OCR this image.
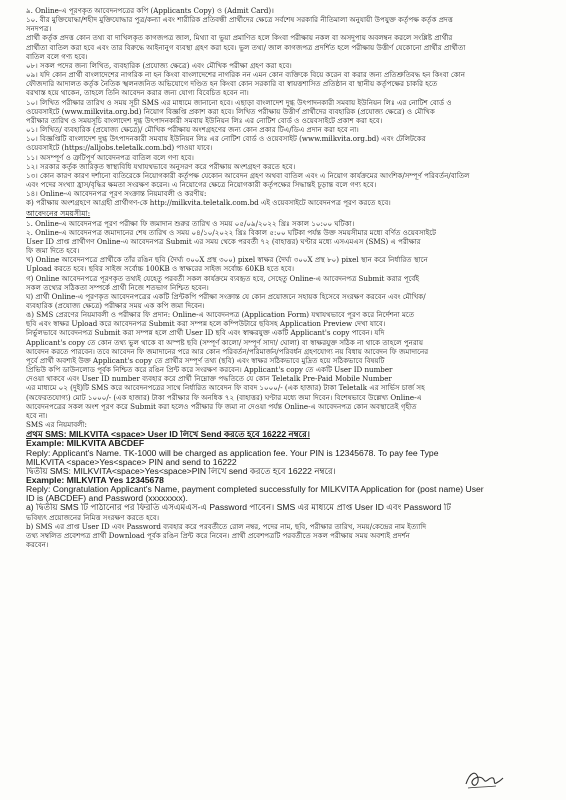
৯. Online-এ পূরণকৃত আবেদনপত্রের কপি (Applicants Copy) ও (Admit Card)।
১০. বীর মুক্তিযোদ্ধা/শহীদ মুক্তিযোদ্ধার পুত্র/কন্যা এবং শারীরিক প্রতিবন্ধী প্রার্থীদের ক্ষেত্রে সর্বশেষ সরকারি নীতিমালা অনুযায়ী উপযুক্ত কর্তৃপক্ষ কর্তৃক প্রদত্ত
সনদপত্র।
প্রার্থী কর্তৃক প্রদত্ত কোন তথ্য বা দাখিলকৃত কাগজপত্র জাল, মিথ্যা বা ভুয়া প্রমাণিত হলে কিংবা পরীক্ষায় নকল বা অসদুপায় অবলম্বন করলে সংশ্লিষ্ট প্রার্থীর
প্রার্থীতা বাতিল করা হবে এবং তার বিরুদ্ধে আইনানুগ ব্যবস্থা গ্রহণ করা হবে। ভুল তথ্য/ জাল কাগজপত্র প্রদর্শিত হলে পরীক্ষায় উত্তীর্ণ যেকোনো প্রার্থীর প্রার্থীতা
বাতিল বলে গণ্য হবে।
০৮। সকল পদের জন্য লিখিত, ব্যবহারিক (প্রযোজ্য ক্ষেত্রে) এবং মৌখিক পরীক্ষা গ্রহণ করা হবে।
০৯। যদি কোন প্রার্থী বাংলাদেশের নাগরিক না হন কিংবা বাংলাদেশের নাগরিক নন এমন কোন ব্যক্তিকে বিয়ে করেন বা করার জন্য প্রতিশ্রুতিবদ্ধ হন কিংবা কোন
ফৌজদারি আদালত কর্তৃক নৈতিক স্খলনজনিত অভিযোগে দণ্ডিত হন কিংবা কোন সরকারি বা স্বায়ত্তশাসিত প্রতিষ্ঠান বা স্থানীয় কর্তৃপক্ষের চাকরি হতে
বরখাস্ত হয়ে থাকেন, তাহলে তিনি আবেদন করার জন্য যোগ্য বিবেচিত হবেন না।
১০। লিখিত পরীক্ষার তারিখ ও সময় সূচী SMS এর মাধ্যমে জানানো হবে। এছাড়া বাংলাদেশ দুগ্ধ উৎপাদনকারী সমবায় ইউনিয়ন লিঃ এর নোটিশ বোর্ড ও
ওয়েবসাইটে (www.milkvita.org.bd) নিয়োগ বিজ্ঞপ্তি প্রকাশ করা হবে। লিখিত পরীক্ষায় উত্তীর্ণ প্রার্থীদের ব্যবহারিক (প্রযোজ্য ক্ষেত্রে) ও মৌখিক
পরীক্ষার তারিখ ও সময়সূচি বাংলাদেশ দুগ্ধ উৎপাদনকারী সমবায় ইউনিয়ন লিঃ এর নোটিশ বোর্ড ও ওয়েবসাইটে প্রকাশ করা হবে।
০১। লিখিত/ ব্যবহারিক (প্রযোজ্য ক্ষেত্রে)/ মৌখিক পরীক্ষায় অংশগ্রহণের জন্য কোন প্রকার টিএ/ডিএ প্রদান করা হবে না।
১০। বিজ্ঞপ্তিটি বাংলাদেশ দুগ্ধ উৎপাদনকারী সমবায় ইউনিয়ন লিঃ এর নোটিশ বোর্ড ও ওয়েবসাইট (www.milkvita.org.bd) এবং টেলিটকের
ওয়েবসাইটে (https://alljobs.teletalk.com.bd) পাওয়া যাবে।
১১। অসম্পূর্ণ ও ত্রুটিপূর্ণ আবেদনপত্র বাতিল বলে গণ্য হবে।
১২। সরকার কর্তৃক জারিকৃত স্বাস্থ্যবিধি যথাযথভাবে অনুসরণ করে পরীক্ষায় অংশগ্রহণ করতে হবে।
১৩। কোন কারণ কারণ দর্শানো ব্যতিরেকে নিয়োগকারী কর্তৃপক্ষ যেকোন আবেদন গ্রহণ অথবা বাতিল এবং এ নিয়োগ কার্যক্রমের আংশিক/সম্পূর্ণ পরিবর্তন/বাতিল
এবং পদের সংখ্যা হ্রাস/বৃদ্ধির ক্ষমতা সংরক্ষণ করেন। এ নিয়োগের ক্ষেত্রে নিয়োগকারী কর্তৃপক্ষের সিদ্ধান্তই চূড়ান্ত বলে গণ্য হবে।
১৪। Online-এ আবেদনপত্র পূরণ সংক্রান্ত নিয়মাবলী ও করণীয়:
ক) পরীক্ষায় অংশগ্রহণে আগ্রহী প্রার্থীগণ-কে http://milkvita.teletalk.com.bd এই ওয়েবসাইটে আবেদনপত্র পূরণ করতে হবে।
আবেদনের সময়সীমা:
১. Online-এ আবেদনপত্র পূরণ পরীক্ষা ফি জমাদান শুরুর তারিখ ও সময় ০৫/০৯/২০২২ খ্রিঃ সকাল ১০:০০ ঘটিকা।
২. Online-এ আবেদনপত্র জমাদানের শেষ তারিখ ও সময় ০৪/১০/২০২২ খ্রিঃ বিকাল ৫:০০ ঘটিকা পর্যন্ত উক্ত সময়সীমার মধ্যে বর্ণিত ওয়েবসাইটে
User ID প্রাপ্ত প্রার্থীগণ Online-এ আবেদনপত্র Submit এর সময় থেকে পরবর্তী ৭২ (বাহাত্তর) ঘণ্টার মধ্যে এসএমএস (SMS) এ পরীক্ষার
ফি জমা দিতে হবে।
খ) Online আবেদনপত্রে প্রার্থীকে তাঁর রঙিন ছবি (দৈর্ঘ্য ৩০০X প্রস্থ ৩০০) pixel স্বাক্ষর (দৈর্ঘ্য ৩০০X প্রস্থ ৮০) pixel স্থান করে নির্ধারিত স্থানে
Upload করতে হবে। ছবির সাইজ সর্বোচ্চ 100KB ও স্বাক্ষরের সাইজ সর্বোচ্চ 60KB হতে হবে।
গ) Online আবেদনপত্রে পূরণকৃত তথ্যই যেহেতু পরবর্তী সকল কার্যক্রমে ব্যবহৃত হবে, সেহেতু Online-এ আবেদনপত্র Submit করার পূর্বেই
সকল তথ্যের সঠিকতা সম্পর্কে প্রার্থী নিজে শতভাগ নিশ্চিত হবেন।
ঘ) প্রার্থী Online-এ পূরণকৃত আবেদনপত্রের একটি প্রিন্টকপি পরীক্ষা সংক্রান্ত যে কোন প্রয়োজনে সহায়ক হিসেবে সংরক্ষণ করবেন এবং মৌখিক/
ব্যবহারিক (প্রযোজ্য ক্ষেত্রে) পরীক্ষার সময় এক কপি জমা দিবেন।
ঙ) SMS প্রেরণের নিয়মাবলী ও পরীক্ষার ফি প্রদান: Online-এ আবেদনপত্র (Application Form) যথাযথভাবে পূরণ করে নির্দেশনা মতে
ছবি এবং স্বাক্ষর Upload করে আবেদনপত্র Submit করা সম্পন্ন হলে কম্পিউটারে ছবিসহ Application Preview দেখা যাবে।
নির্ভুলভাবে আবেদনপত্র Submit করা সম্পন্ন হলে প্রার্থী User ID ছবি এবং স্বাক্ষরযুক্ত একটি Applicant's copy পাবেন। যদি
Applicant's copy তে কোন তথ্য ভুল থাকে বা অস্পষ্ট ছবি (সম্পূর্ণ কালো/ সম্পূর্ণ সাদা/ ঘোলা) বা স্বাক্ষরযুক্ত সঠিক না থাকে তাহলে পুনরায়
আবেদন করতে পারবেন। তবে আবেদন ফি জমাদানের পরে আর কোন পরিবর্তন/পরিমার্জন/পরিবর্ধন গ্রহণযোগ্য নয় বিধায় আবেদন ফি জমাদানের
পূর্বে প্রার্থী অবশ্যই উক্ত Applicant's copy তে প্রার্থীর সম্পূর্ণ তথ্য (ছবি) এবং স্বাক্ষর সঠিকভাবে মুদ্রিত হয়ে সঠিকভাবে বিষয়টি
প্রিভিউ কপি ডাউনলোড পূর্বক নিশ্চিত করে রঙিন প্রিন্ট করে সংরক্ষণ করবেন। Applicant's copy তে একটি User ID number
দেওয়া থাকবে এবং User ID number ব্যবহার করে প্রার্থী নিম্নোক্ত পদ্ধতিতে যে কোন Teletalk Pre-Paid Mobile Number
এর মাধ্যমে ০২ (দুই)টি SMS করে আবেদনপত্রের সাথে নির্ধারিত আবেদন ফি বাবদ ১০০০/- (এক হাজার) টাকা Teletalk এর সার্ভিস চার্জ সহ
(অফেরতযোগ্য) মোট ১০০০/- (এক হাজার) টাকা পরীক্ষার ফি অনধিক ৭২ (বাহাত্তর) ঘণ্টার মধ্যে জমা দিবেন। বিশেষভাবে উল্লেখ্য Online-এ
আবেদনপত্রের সকল অংশ পূরণ করে Submit করা হলেও পরীক্ষার ফি জমা না দেওয়া পর্যন্ত Online-এ আবেদনপত্র কোন অবস্থাতেই গৃহীত
হবে না।
SMS এর নিয়মাবলী:
প্রথম SMS: MILKVITA <space> User ID লিখে Send করতে হবে 16222 নম্বরে।
Example: MILKVITA ABCDEF
Reply: Applicant's Name. TK-1000 will be charged as application fee. Your PIN is 12345678. To pay fee Type
MILKVITA <space>Yes<space> PIN and send to 16222
দ্বিতীয় SMS: MILKVITA<space>Yes<space>PIN লিখে send করতে হবে 16222 নম্বরে।
Example: MILKVITA Yes 12345678
Reply: Congratulation Applicant's Name, payment completed successfully for MILKVITA Application for (post name) User
ID is (ABCDEF) and Password (xxxxxxxx).
a) দ্বিতীয় SMS টি পাঠানোর পর ফিরতি এসএমএস-এ Password পাবেন। SMS এর মাধ্যমে প্রাপ্ত User ID এবং Password টি
ভবিষ্যৎ প্রয়োজনের নিমিত্ত সংরক্ষণ করতে হবে।
b) SMS এর প্রাপ্ত User ID এবং Password ব্যবহার করে পরবর্তীতে রোল নম্বর, পদের নাম, ছবি, পরীক্ষার তারিখ, সময়/কেন্দ্রের নাম ইত্যাদি
তথ্য সম্বলিত প্রবেশপত্র প্রার্থী Download পূর্বক রঙিন প্রিন্ট করে নিবেন। প্রার্থী প্রবেশপত্রটি পরবর্তীতে সকল পরীক্ষায় সময় অবশ্যই প্রদর্শন
করবেন।
